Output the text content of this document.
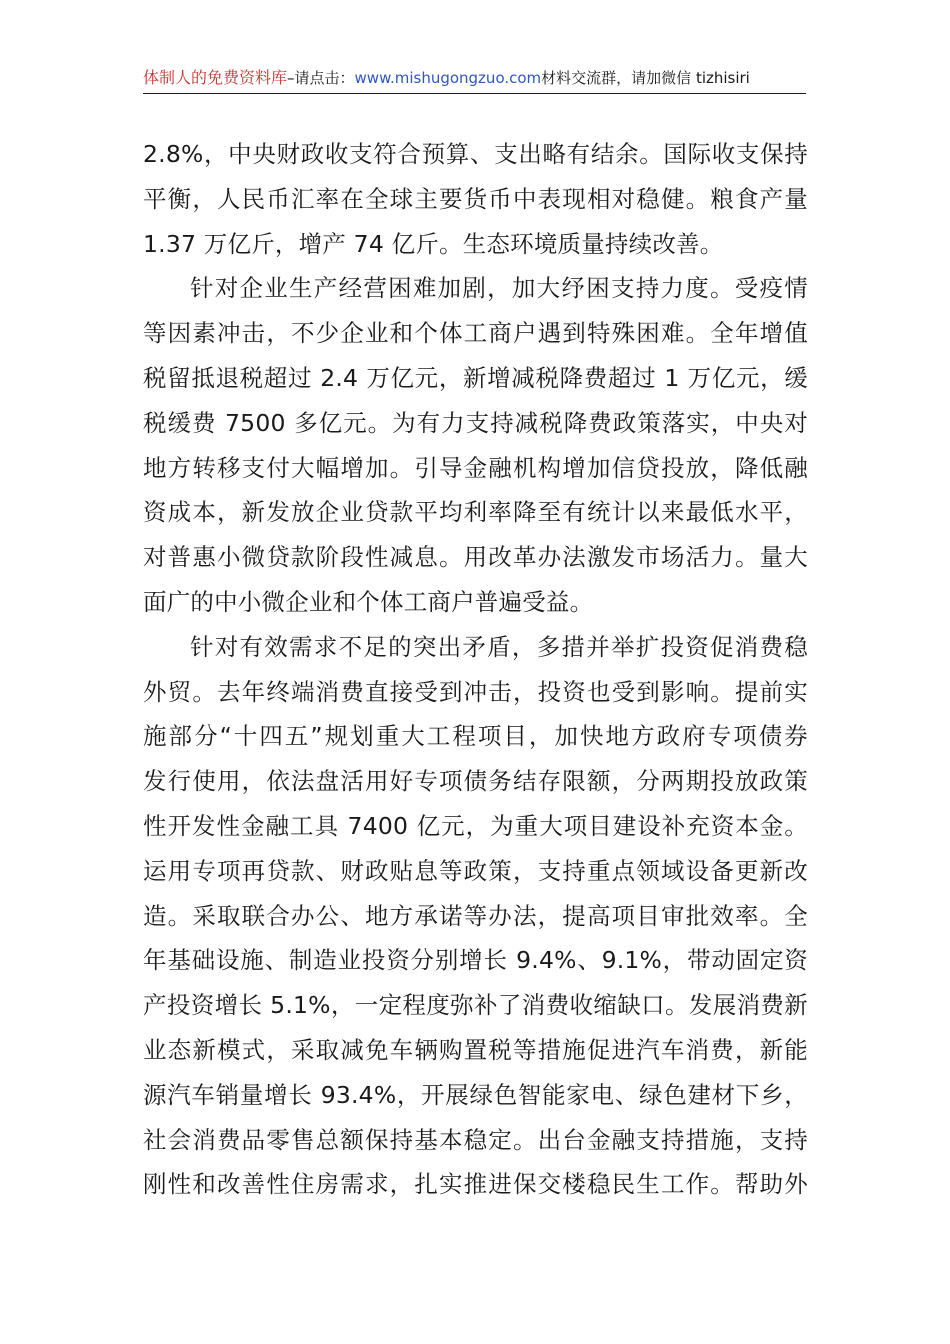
体制人的免费资料库–请点击：www.mishugongzuo.com材料交流群，请加微信 tizhisiri
2.8%，中央财政收支符合预算、支出略有结余。国际收支保持
平衡，人民币汇率在全球主要货币中表现相对稳健。粮食产量
1.37 万亿斤，增产 74 亿斤。生态环境质量持续改善。
针对企业生产经营困难加剧，加大纾困支持力度。受疫情
等因素冲击，不少企业和个体工商户遇到特殊困难。全年增值
税留抵退税超过 2.4 万亿元，新增减税降费超过 1 万亿元，缓
税缓费 7500 多亿元。为有力支持减税降费政策落实，中央对
地方转移支付大幅增加。引导金融机构增加信贷投放，降低融
资成本，新发放企业贷款平均利率降至有统计以来最低水平，
对普惠小微贷款阶段性减息。用改革办法激发市场活力。量大
面广的中小微企业和个体工商户普遍受益。
针对有效需求不足的突出矛盾，多措并举扩投资促消费稳
外贸。去年终端消费直接受到冲击，投资也受到影响。提前实
施部分“十四五”规划重大工程项目，加快地方政府专项债券
发行使用，依法盘活用好专项债务结存限额，分两期投放政策
性开发性金融工具 7400 亿元，为重大项目建设补充资本金。
运用专项再贷款、财政贴息等政策，支持重点领域设备更新改
造。采取联合办公、地方承诺等办法，提高项目审批效率。全
年基础设施、制造业投资分别增长 9.4%、9.1%，带动固定资
产投资增长 5.1%，一定程度弥补了消费收缩缺口。发展消费新
业态新模式，采取减免车辆购置税等措施促进汽车消费，新能
源汽车销量增长 93.4%，开展绿色智能家电、绿色建材下乡，
社会消费品零售总额保持基本稳定。出台金融支持措施，支持
刚性和改善性住房需求，扎实推进保交楼稳民生工作。帮助外
